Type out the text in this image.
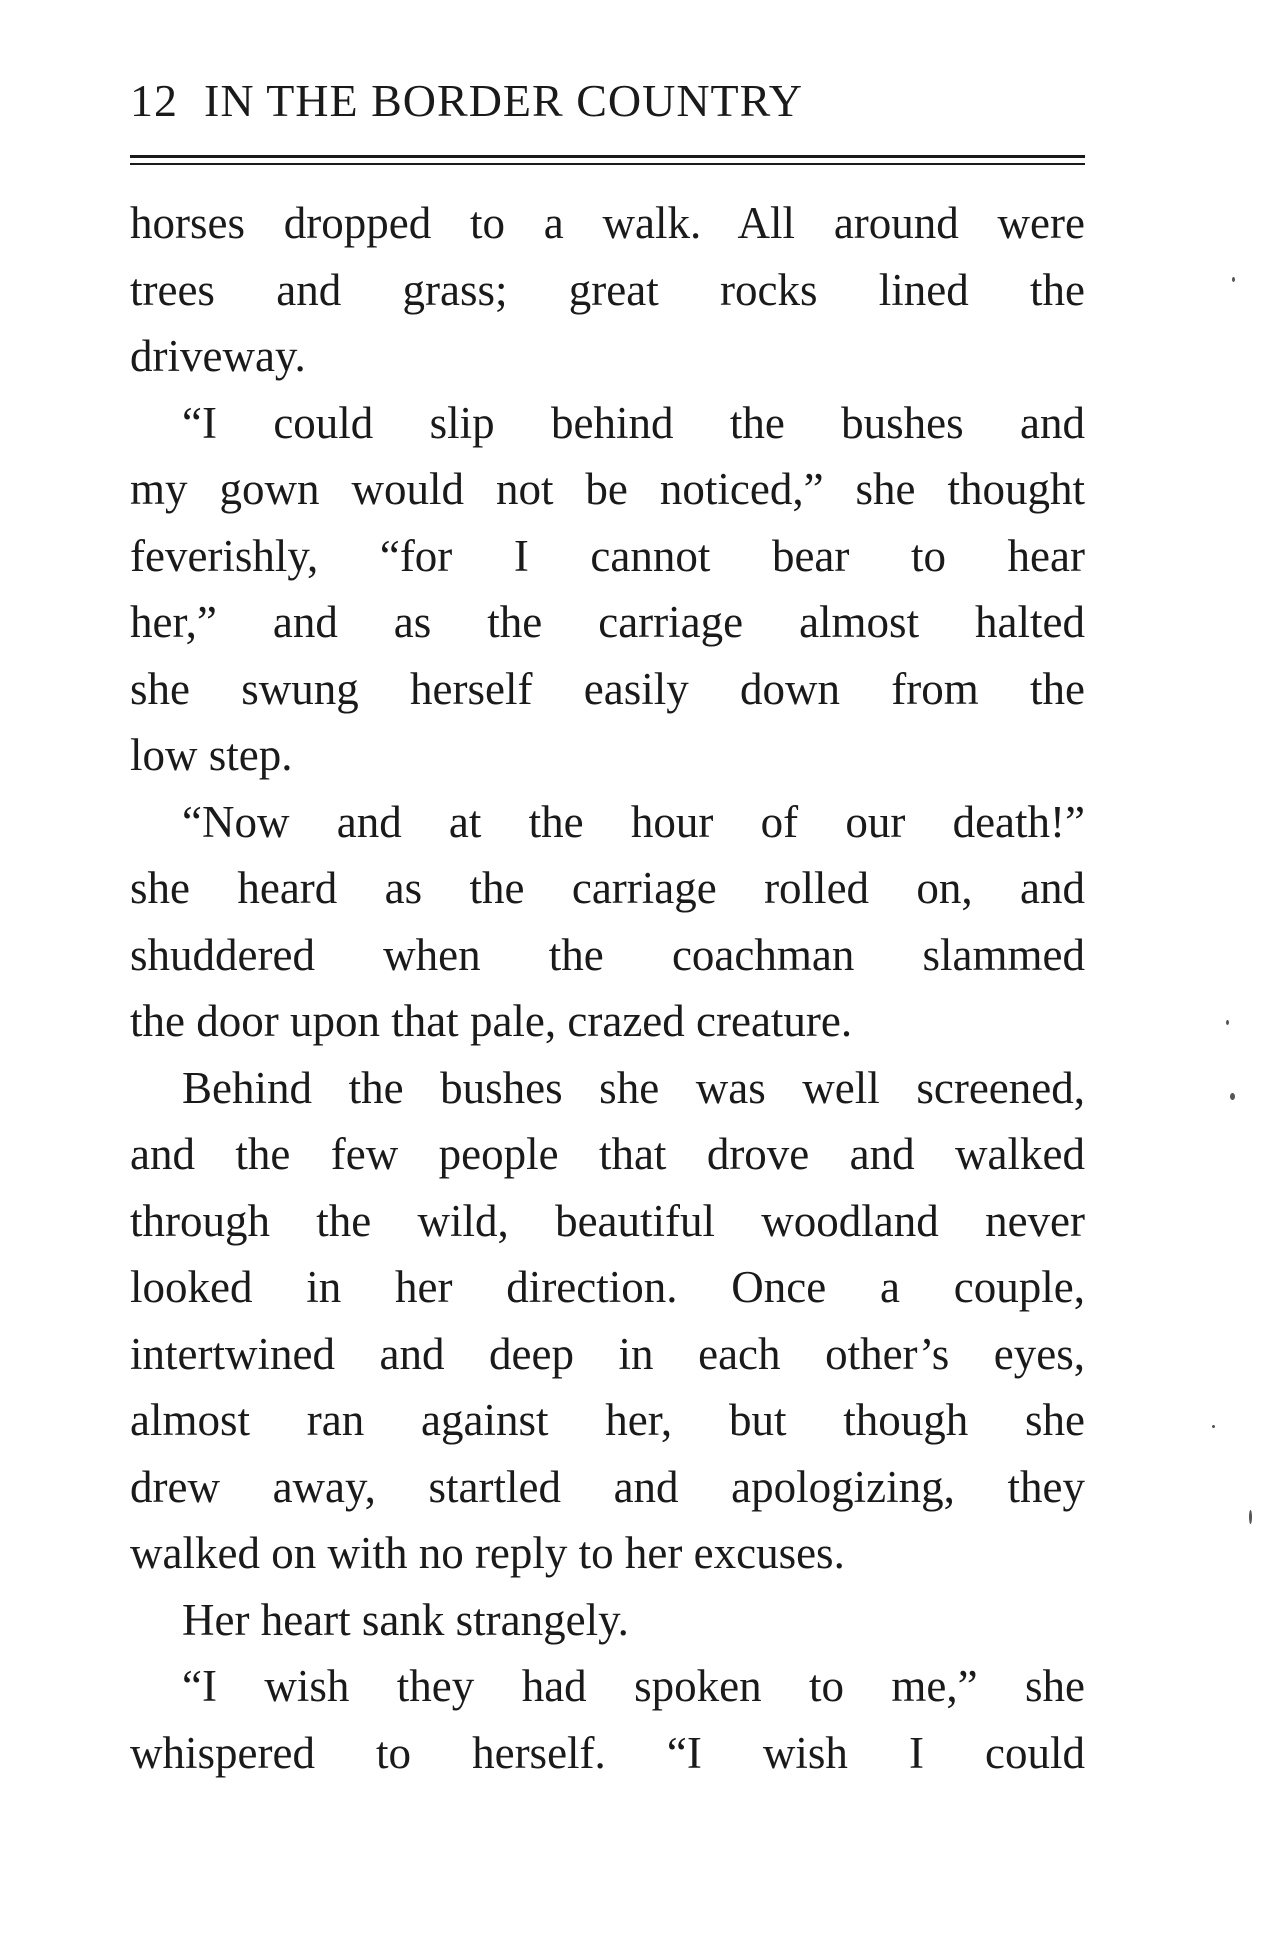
12 IN THE BORDER COUNTRY
horses dropped to a walk. All around were
trees and grass; great rocks lined the
driveway.
“I could slip behind the bushes and
my gown would not be noticed,” she thought
feverishly, “for I cannot bear to hear
her,” and as the carriage almost halted
she swung herself easily down from the
low step.
“Now and at the hour of our death!”
she heard as the carriage rolled on, and
shuddered when the coachman slammed
the door upon that pale, crazed creature.
Behind the bushes she was well screened,
and the few people that drove and walked
through the wild, beautiful woodland never
looked in her direction. Once a couple,
intertwined and deep in each other’s eyes,
almost ran against her, but though she
drew away, startled and apologizing, they
walked on with no reply to her excuses.
Her heart sank strangely.
“I wish they had spoken to me,” she
whispered to herself. “I wish I could
